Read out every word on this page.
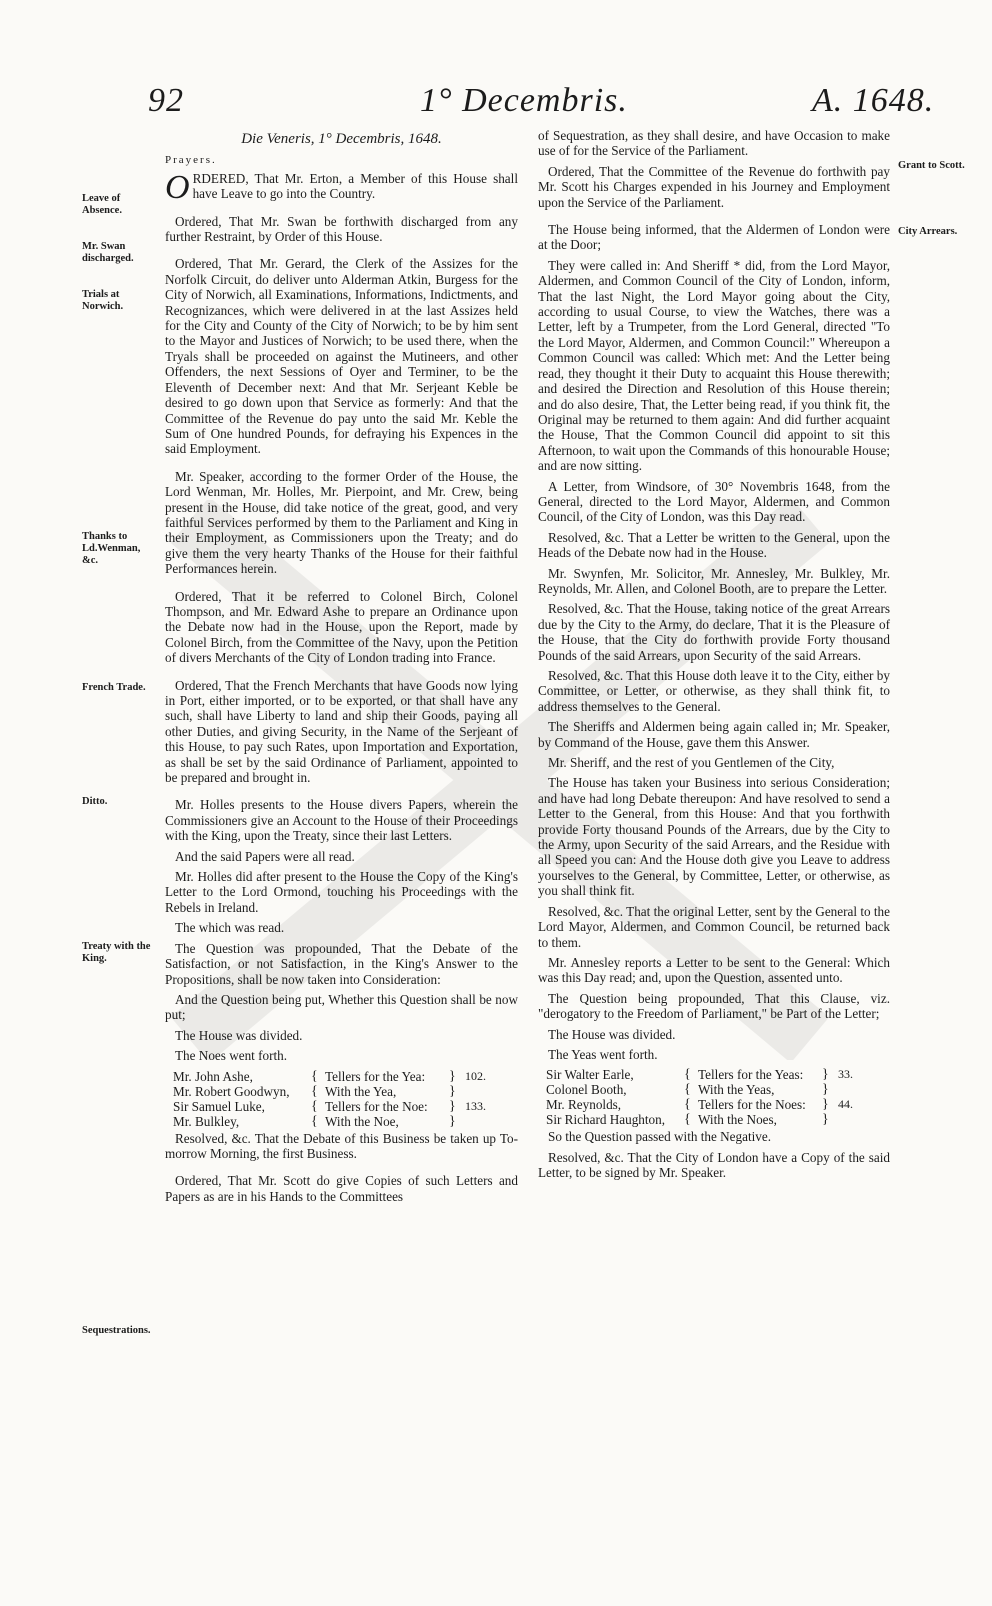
92	1° Decembris.	A. 1648.
Leave of Absence.
Mr. Swan discharged.
Trials at Norwich.
Thanks to Ld.Wenman, &c.
French Trade.
Ditto.
Treaty with the King.
Sequestrations.
Grant to Scott.
City Arrears.
Die Veneris, 1° Decembris, 1648.
Prayers.

ORDERED, That Mr. Erton, a Member of this House shall have Leave to go into the Country.

Ordered, That Mr. Swan be forthwith discharged from any further Restraint, by Order of this House.

Ordered, That Mr. Gerard, the Clerk of the Assizes for the Norfolk Circuit, do deliver unto Alderman Atkin, Burgess for the City of Norwich, all Examinations, Informations, Indictments, and Recognizances, which were delivered in at the last Assizes held for the City and County of the City of Norwich; to be by him sent to the Mayor and Justices of Norwich; to be used there, when the Tryals shall be proceeded on against the Mutineers, and other Offenders, the next Sessions of Oyer and Terminer, to be the Eleventh of December next: And that Mr. Serjeant Keble be desired to go down upon that Service as formerly: And that the Committee of the Revenue do pay unto the said Mr. Keble the Sum of One hundred Pounds, for defraying his Expences in the said Employment.

Mr. Speaker, according to the former Order of the House, the Lord Wenman, Mr. Holles, Mr. Pierpoint, and Mr. Crew, being present in the House, did take notice of the great, good, and very faithful Services performed by them to the Parliament and King in their Employment, as Commissioners upon the Treaty; and do give them the very hearty Thanks of the House for their faithful Performances herein.

Ordered, That it be referred to Colonel Birch, Colonel Thompson, and Mr. Edward Ashe to prepare an Ordinance upon the Debate now had in the House, upon the Report, made by Colonel Birch, from the Committee of the Navy, upon the Petition of divers Merchants of the City of London trading into France.

Ordered, That the French Merchants that have Goods now lying in Port, either imported, or to be exported, or that shall have any such, shall have Liberty to land and ship their Goods, paying all other Duties, and giving Security, in the Name of the Serjeant of this House, to pay such Rates, upon Importation and Exportation, as shall be set by the said Ordinance of Parliament, appointed to be prepared and brought in.

Mr. Holles presents to the House divers Papers, wherein the Commissioners give an Account to the House of their Proceedings with the King, upon the Treaty, since their last Letters.

And the said Papers were all read.

Mr. Holles did after present to the House the Copy of the King's Letter to the Lord Ormond, touching his Proceedings with the Rebels in Ireland.

The which was read.

The Question was propounded, That the Debate of the Satisfaction, or not Satisfaction, in the King's Answer to the Propositions, shall be now taken into Consideration:

And the Question being put, Whether this Question shall be now put;

The House was divided.

The Noes went forth.

Mr. John Ashe,	{ Tellers for the Yea:	} 102.
Mr. Robert Goodwyn,	{ With the Yea,	}
Sir Samuel Luke,	{ Tellers for the Noe:	} 133.
Mr. Bulkley,	{ With the Noe,	}

Resolved, &c. That the Debate of this Business be taken up To-morrow Morning, the first Business.

Ordered, That Mr. Scott do give Copies of such Letters and Papers as are in his Hands to the Committees

of Sequestration, as they shall desire, and have Occasion to make use of for the Service of the Parliament.

Ordered, That the Committee of the Revenue do forthwith pay Mr. Scott his Charges expended in his Journey and Employment upon the Service of the Parliament.

The House being informed, that the Aldermen of London were at the Door;

They were called in: And Sheriff * did, from the Lord Mayor, Aldermen, and Common Council of the City of London, inform, That the last Night, the Lord Mayor going about the City, according to usual Course, to view the Watches, there was a Letter, left by a Trumpeter, from the Lord General, directed "To the Lord Mayor, Aldermen, and Common Council:" Whereupon a Common Council was called: Which met: And the Letter being read, they thought it their Duty to acquaint this House therewith; and desired the Direction and Resolution of this House therein; and do also desire, That, the Letter being read, if you think fit, the Original may be returned to them again: And did further acquaint the House, That the Common Council did appoint to sit this Afternoon, to wait upon the Commands of this honourable House; and are now sitting.

A Letter, from Windsore, of 30° Novembris 1648, from the General, directed to the Lord Mayor, Aldermen, and Common Council, of the City of London, was this Day read.

Resolved, &c. That a Letter be written to the General, upon the Heads of the Debate now had in the House.

Mr. Swynfen, Mr. Solicitor, Mr. Annesley, Mr. Bulkley, Mr. Reynolds, Mr. Allen, and Colonel Booth, are to prepare the Letter.

Resolved, &c. That the House, taking notice of the great Arrears due by the City to the Army, do declare, That it is the Pleasure of the House, that the City do forthwith provide Forty thousand Pounds of the said Arrears, upon Security of the said Arrears.

Resolved, &c. That this House doth leave it to the City, either by Committee, or Letter, or otherwise, as they shall think fit, to address themselves to the General.

The Sheriffs and Aldermen being again called in; Mr. Speaker, by Command of the House, gave them this Answer.

Mr. Sheriff, and the rest of you Gentlemen of the City,

The House has taken your Business into serious Consideration; and have had long Debate thereupon: And have resolved to send a Letter to the General, from this House: And that you forthwith provide Forty thousand Pounds of the Arrears, due by the City to the Army, upon Security of the said Arrears, and the Residue with all Speed you can: And the House doth give you Leave to address yourselves to the General, by Committee, Letter, or otherwise, as you shall think fit.

Resolved, &c. That the original Letter, sent by the General to the Lord Mayor, Aldermen, and Common Council, be returned back to them.

Mr. Annesley reports a Letter to be sent to the General: Which was this Day read; and, upon the Question, assented unto.

The Question being propounded, That this Clause, viz. "derogatory to the Freedom of Parliament," be Part of the Letter;

The House was divided.

The Yeas went forth.

Sir Walter Earle,	{ Tellers for the Yeas:	} 33.
Colonel Booth,	{ With the Yeas,	}
Mr. Reynolds,	{ Tellers for the Noes:	} 44.
Sir Richard Haughton,	{ With the Noes,	}

So the Question passed with the Negative.

Resolved, &c. That the City of London have a Copy of the said Letter, to be signed by Mr. Speaker.
